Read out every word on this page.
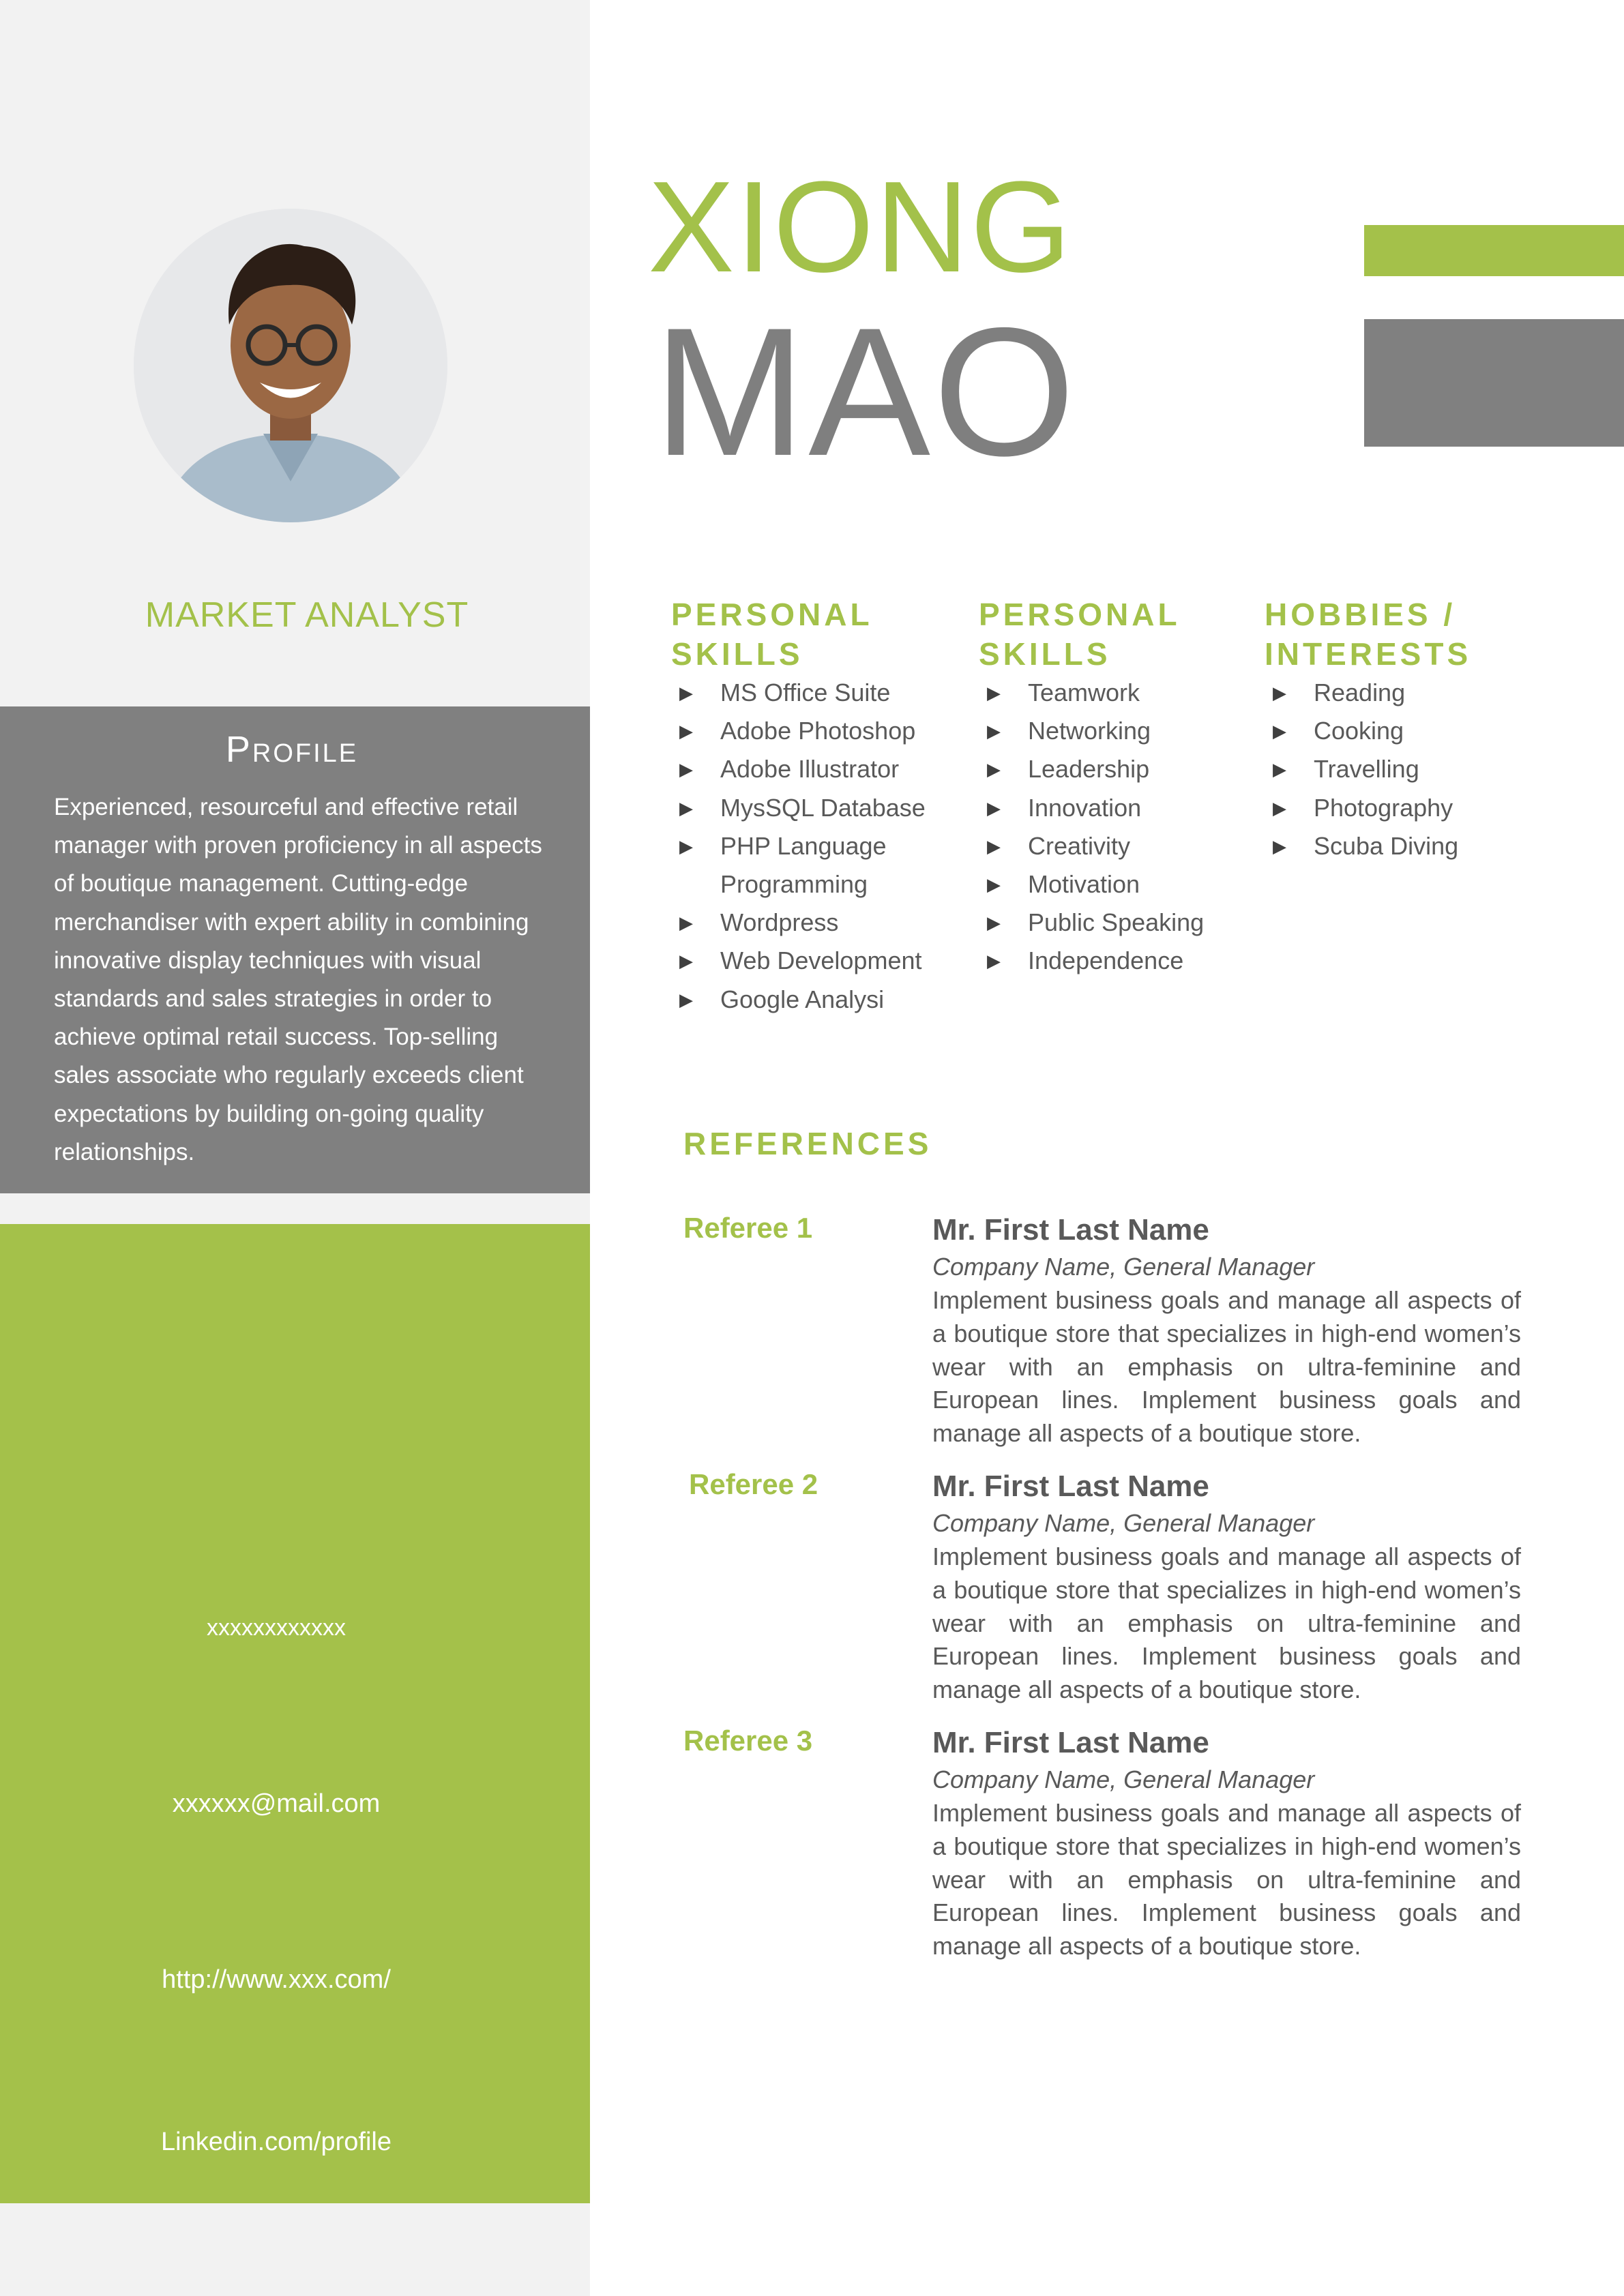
MARKET ANALYST
Profile
Experienced, resourceful and effective retail manager with proven proficiency in all aspects of boutique management. Cutting-edge merchandiser with expert ability in combining innovative display techniques with visual standards and sales strategies in order to achieve optimal retail success. Top-selling sales associate who regularly exceeds client expectations by building on-going quality relationships.
xxxxxxxxxxxx
xxxxxx@mail.com
http://www.xxx.com/
Linkedin.com/profile
XIONG
MAO
PERSONAL
SKILLS
▶ MS Office Suite
▶ Adobe Photoshop
▶ Adobe Illustrator
▶ MysSQL Database
▶ PHP Language Programming
▶ Wordpress
▶ Web Development
▶ Google Analysi
PERSONAL
SKILLS
▶ Teamwork
▶ Networking
▶ Leadership
▶ Innovation
▶ Creativity
▶ Motivation
▶ Public Speaking
▶ Independence
HOBBIES /
INTERESTS
▶ Reading
▶ Cooking
▶ Travelling
▶ Photography
▶ Scuba Diving
REFERENCES
Referee 1	Mr. First Last Name
Company Name, General Manager
Implement business goals and manage all aspects of a boutique store that specializes in high-end women’s wear with an emphasis on ultra-feminine and European lines. Implement business goals and manage all aspects of a boutique store.
Referee 2	Mr. First Last Name
Company Name, General Manager
Implement business goals and manage all aspects of a boutique store that specializes in high-end women’s wear with an emphasis on ultra-feminine and European lines. Implement business goals and manage all aspects of a boutique store.
Referee 3	Mr. First Last Name
Company Name, General Manager
Implement business goals and manage all aspects of a boutique store that specializes in high-end women’s wear with an emphasis on ultra-feminine and European lines. Implement business goals and manage all aspects of a boutique store.
